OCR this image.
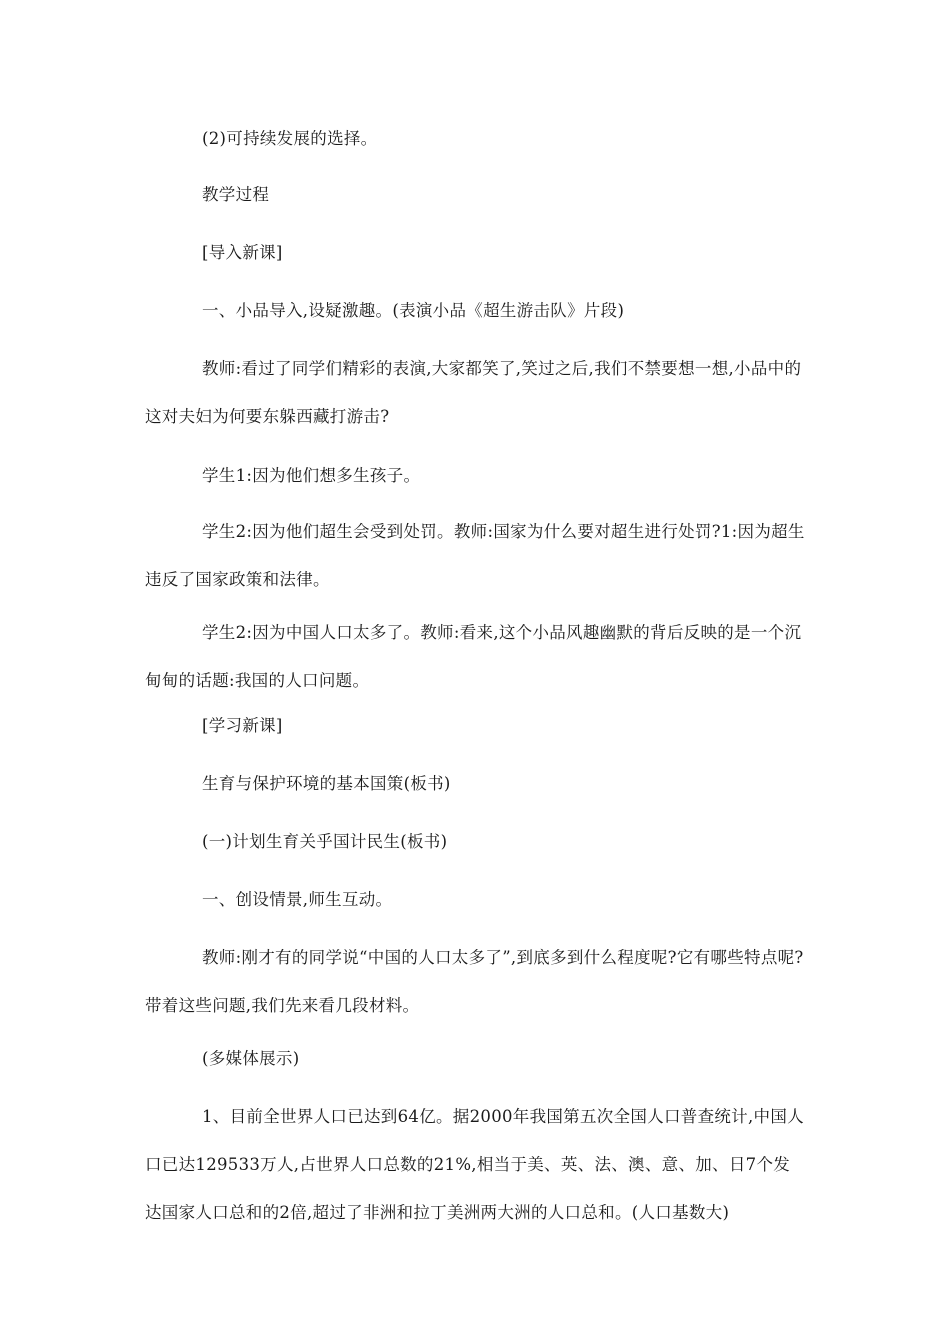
(2)可持续发展的选择。

教学过程

[导入新课]

一、小品导入,设疑激趣。(表演小品《超生游击队》片段)

教师:看过了同学们精彩的表演,大家都笑了,笑过之后,我们不禁要想一想,小品中的这对夫妇为何要东躲西藏打游击?

学生1:因为他们想多生孩子。

学生2:因为他们超生会受到处罚。教师:国家为什么要对超生进行处罚?1:因为超生违反了国家政策和法律。

学生2:因为中国人口太多了。教师:看来,这个小品风趣幽默的背后反映的是一个沉甸甸的话题:我国的人口问题。

[学习新课]

生育与保护环境的基本国策(板书)

(一)计划生育关乎国计民生(板书)

一、创设情景,师生互动。

教师:刚才有的同学说“中国的人口太多了”,到底多到什么程度呢?它有哪些特点呢?带着这些问题,我们先来看几段材料。

(多媒体展示)

1、目前全世界人口已达到64亿。据2000年我国第五次全国人口普查统计,中国人口已达129533万人,占世界人口总数的21%,相当于美、英、法、澳、意、加、日7个发达国家人口总和的2倍,超过了非洲和拉丁美洲两大洲的人口总和。(人口基数大)
